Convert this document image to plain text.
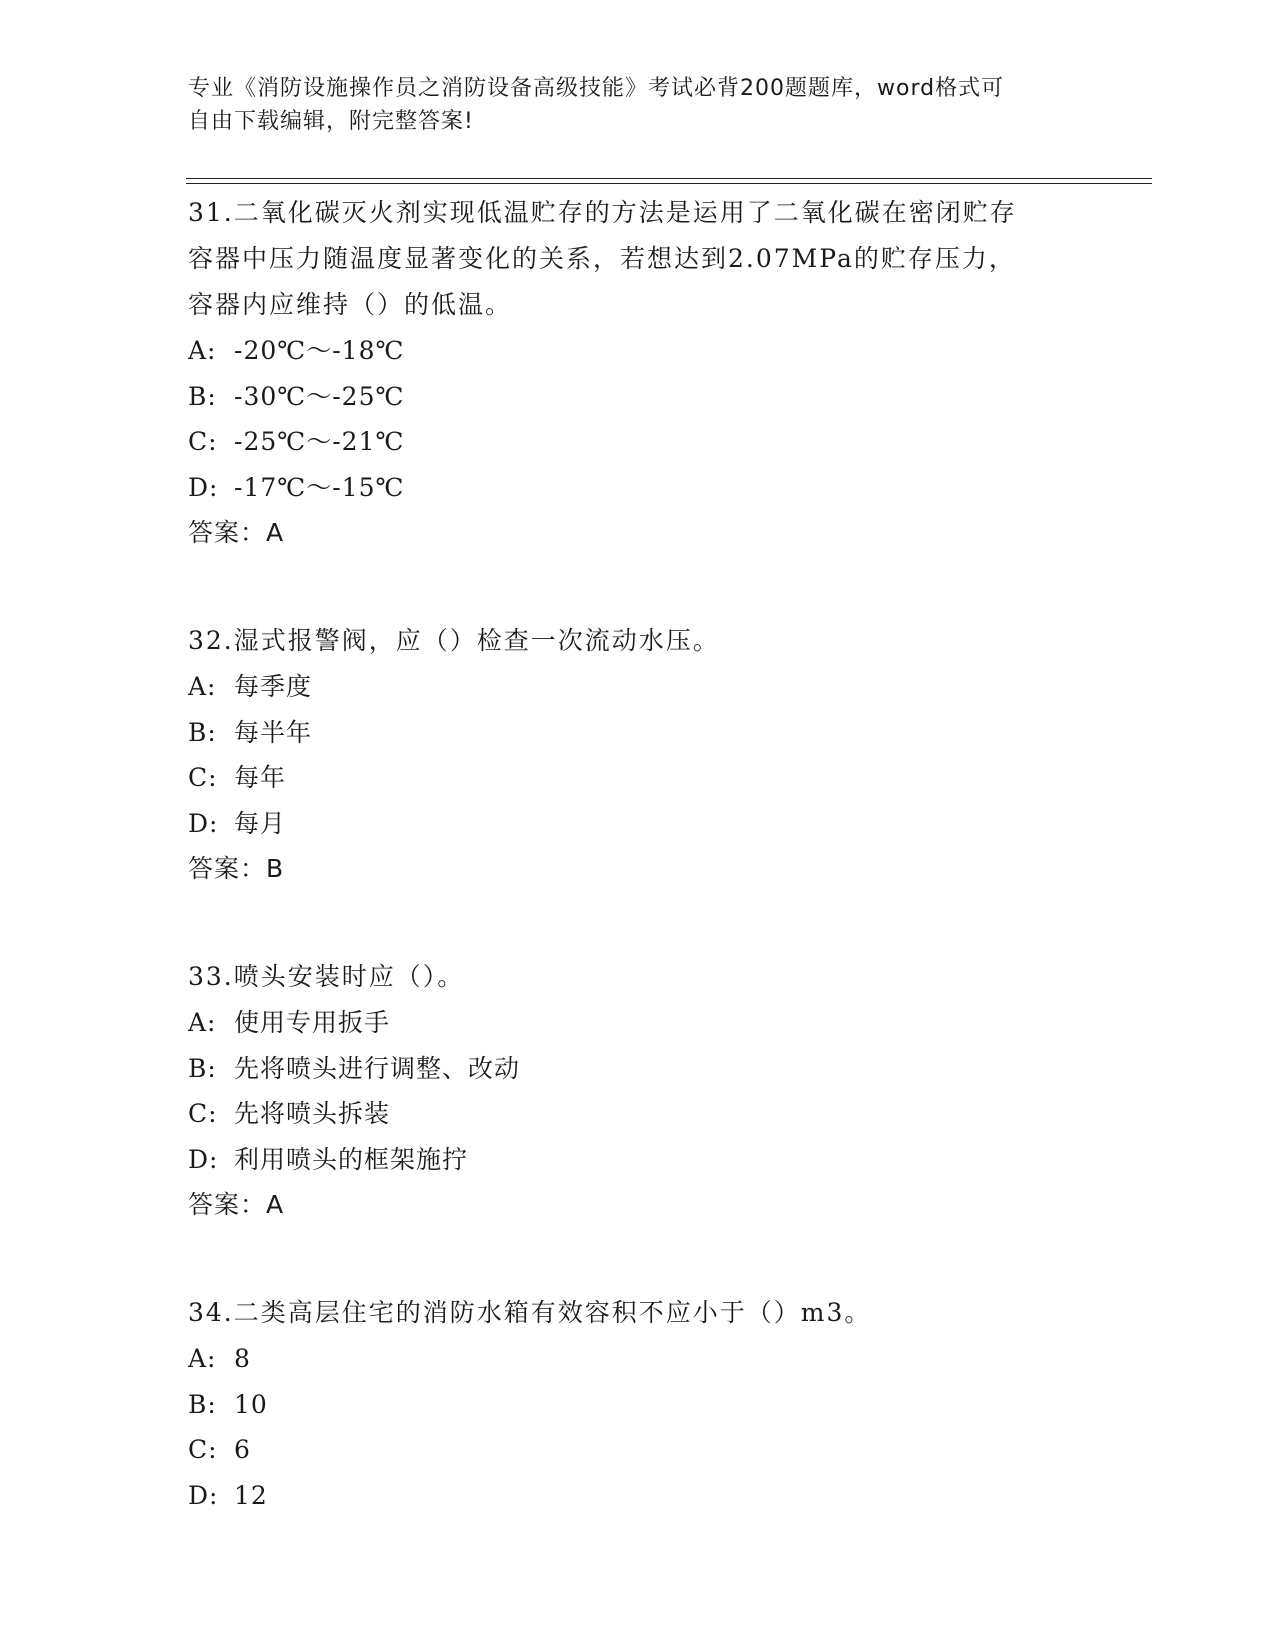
专业《消防设施操作员之消防设备高级技能》考试必背200题题库，word格式可
自由下载编辑，附完整答案!
31.二氧化碳灭火剂实现低温贮存的方法是运用了二氧化碳在密闭贮存
容器中压力随温度显著变化的关系，若想达到2.07MPa的贮存压力，
容器内应维持（）的低温。
A: -20℃～-18℃
B: -30℃～-25℃
C: -25℃～-21℃
D: -17℃～-15℃
答案：A
32.湿式报警阀，应（）检查一次流动水压。
A: 每季度
B: 每半年
C: 每年
D: 每月
答案：B
33.喷头安装时应（）。
A: 使用专用扳手
B: 先将喷头进行调整、改动
C: 先将喷头拆装
D: 利用喷头的框架施拧
答案：A
34.二类高层住宅的消防水箱有效容积不应小于（）m3。
A: 8
B: 10
C: 6
D: 12
